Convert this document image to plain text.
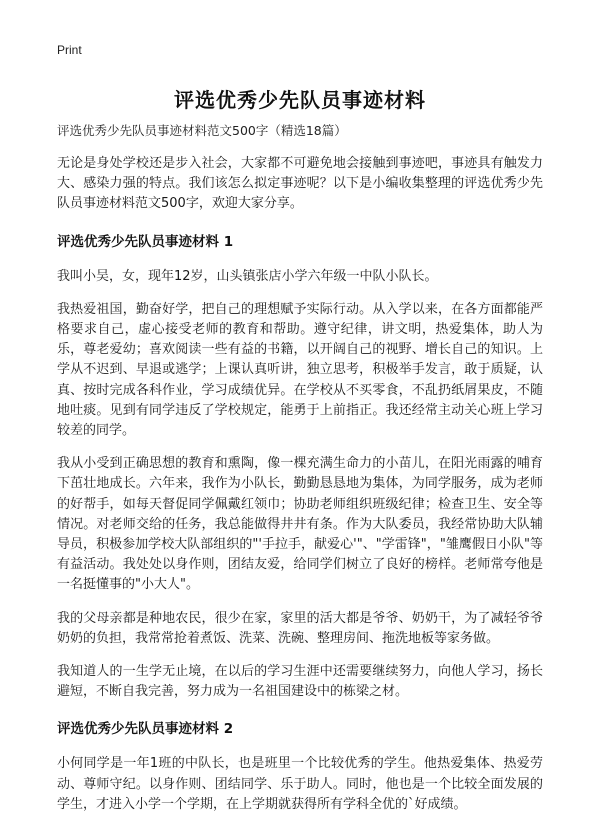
Print
评选优秀少先队员事迹材料
评选优秀少先队员事迹材料范文500字（精选18篇）

无论是身处学校还是步入社会，大家都不可避免地会接触到事迹吧，事迹具有触发力大、感染力强的特点。我们该怎么拟定事迹呢？以下是小编收集整理的评选优秀少先队员事迹材料范文500字，欢迎大家分享。

评选优秀少先队员事迹材料 1

我叫小吴，女，现年12岁，山头镇张店小学六年级一中队小队长。

我热爱祖国，勤奋好学，把自己的理想赋予实际行动。从入学以来，在各方面都能严格要求自己，虚心接受老师的教育和帮助。遵守纪律，讲文明，热爱集体，助人为乐，尊老爱幼；喜欢阅读一些有益的书籍，以开阔自己的视野、增长自己的知识。上学从不迟到、早退或逃学；上课认真听讲，独立思考，积极举手发言，敢于质疑，认真、按时完成各科作业，学习成绩优异。在学校从不买零食，不乱扔纸屑果皮，不随地吐痰。见到有同学违反了学校规定，能勇于上前指正。我还经常主动关心班上学习较差的同学。

我从小受到正确思想的教育和熏陶，像一棵充满生命力的小苗儿，在阳光雨露的哺育下茁壮地成长。六年来，我作为小队长，勤勤恳恳地为集体，为同学服务，成为老师的好帮手，如每天督促同学佩戴红领巾；协助老师组织班级纪律；检查卫生、安全等情况。对老师交给的任务，我总能做得井井有条。作为大队委员，我经常协助大队辅导员，积极参加学校大队部组织的"'手拉手，献爱心'"、"学雷锋"，"雏鹰假日小队"等有益活动。我处处以身作则，团结友爱，给同学们树立了良好的榜样。老师常夸他是一名挺懂事的"小大人"。

我的父母亲都是种地农民，很少在家，家里的活大都是爷爷、奶奶干，为了减轻爷爷奶奶的负担，我常常抢着煮饭、洗菜、洗碗、整理房间、拖洗地板等家务做。

我知道人的一生学无止境，在以后的学习生涯中还需要继续努力，向他人学习，扬长避短，不断自我完善，努力成为一名祖国建设中的栋梁之材。

评选优秀少先队员事迹材料 2

小何同学是一年1班的中队长，也是班里一个比较优秀的学生。他热爱集体、热爱劳动、尊师守纪。以身作则、团结同学、乐于助人。同时，他也是一个比较全面发展的学生，才进入小学一个学期，在上学期就获得所有学科全优的`好成绩。
